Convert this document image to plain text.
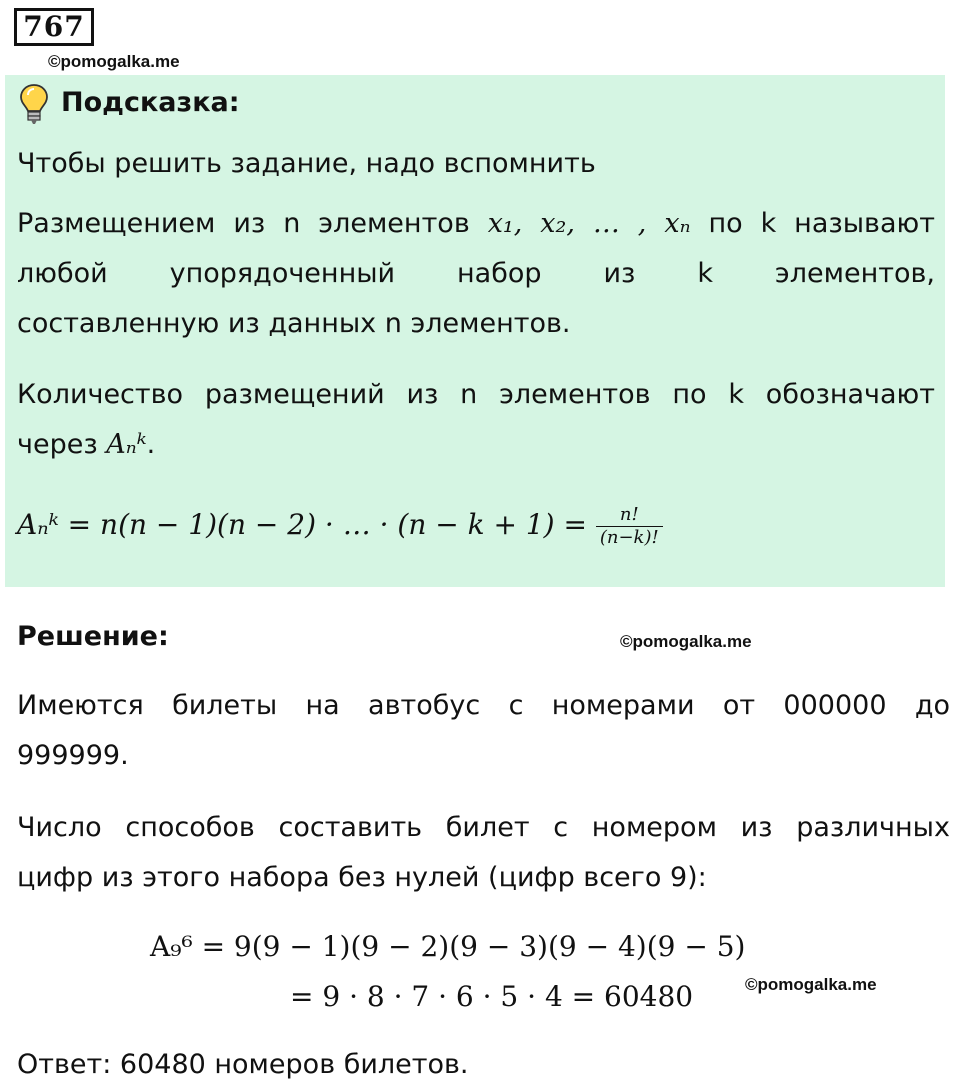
767
©pomogalka.me
Подсказка:
Чтобы решить задание, надо вспомнить
Размещением из n элементов x₁, x₂, … , xₙ по k называют
любой упорядоченный набор из k элементов,
составленную из данных n элементов.
Количество размещений из n элементов по k обозначают
через Aₙᵏ.
Aₙᵏ = n(n − 1)(n − 2) · … · $(n - k + 1) = \frac{n!}{(n-k)!}$
Решение:	©pomogalka.me
Имеются билеты на автобус с номерами от 000000 до
999999.
Число способов составить билет с номером из различных
цифр из этого набора без нулей (цифр всего 9):
A₉⁶ = 9(9 − 1)(9 − 2)(9 − 3)(9 − 4)(9 − 5)
= 9 · 8 · 7 · 6 · 5 · 4 = 60480	©pomogalka.me
Ответ: 60480 номеров билетов.
